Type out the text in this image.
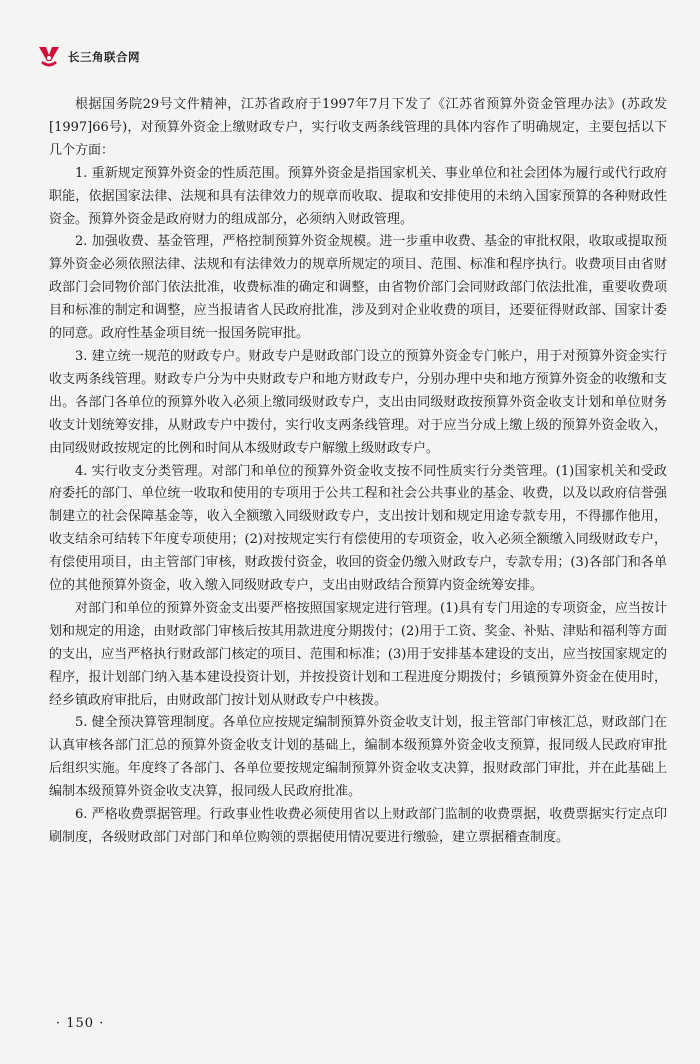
长三角联合网

根据国务院29号文件精神，江苏省政府于1997年7月下发了《江苏省预算外资金管理办法》(苏政发[1997]66号)，对预算外资金上缴财政专户，实行收支两条线管理的具体内容作了明确规定，主要包括以下几个方面：

1. 重新规定预算外资金的性质范围。预算外资金是指国家机关、事业单位和社会团体为履行或代行政府职能，依据国家法律、法规和具有法律效力的规章而收取、提取和安排使用的未纳入国家预算的各种财政性资金。预算外资金是政府财力的组成部分，必须纳入财政管理。

2. 加强收费、基金管理，严格控制预算外资金规模。进一步重申收费、基金的审批权限，收取或提取预算外资金必须依照法律、法规和有法律效力的规章所规定的项目、范围、标准和程序执行。收费项目由省财政部门会同物价部门依法批准，收费标准的确定和调整，由省物价部门会同财政部门依法批准，重要收费项目和标准的制定和调整，应当报请省人民政府批准，涉及到对企业收费的项目，还要征得财政部、国家计委的同意。政府性基金项目统一报国务院审批。

3. 建立统一规范的财政专户。财政专户是财政部门设立的预算外资金专门帐户，用于对预算外资金实行收支两条线管理。财政专户分为中央财政专户和地方财政专户，分别办理中央和地方预算外资金的收缴和支出。各部门各单位的预算外收入必须上缴同级财政专户，支出由同级财政按预算外资金收支计划和单位财务收支计划统筹安排，从财政专户中拨付，实行收支两条线管理。对于应当分成上缴上级的预算外资金收入，由同级财政按规定的比例和时间从本级财政专户解缴上级财政专户。

4. 实行收支分类管理。对部门和单位的预算外资金收支按不同性质实行分类管理。(1)国家机关和受政府委托的部门、单位统一收取和使用的专项用于公共工程和社会公共事业的基金、收费，以及以政府信誉强制建立的社会保障基金等，收入全额缴入同级财政专户，支出按计划和规定用途专款专用，不得挪作他用，收支结余可结转下年度专项使用；(2)对按规定实行有偿使用的专项资金，收入必须全额缴入同级财政专户，有偿使用项目，由主管部门审核，财政拨付资金，收回的资金仍缴入财政专户，专款专用；(3)各部门和各单位的其他预算外资金，收入缴入同级财政专户，支出由财政结合预算内资金统筹安排。

对部门和单位的预算外资金支出要严格按照国家规定进行管理。(1)具有专门用途的专项资金，应当按计划和规定的用途，由财政部门审核后按其用款进度分期拨付；(2)用于工资、奖金、补贴、津贴和福利等方面的支出，应当严格执行财政部门核定的项目、范围和标准；(3)用于安排基本建设的支出，应当按国家规定的程序，报计划部门纳入基本建设投资计划，并按投资计划和工程进度分期拨付；乡镇预算外资金在使用时，经乡镇政府审批后，由财政部门按计划从财政专户中核拨。

5. 健全预决算管理制度。各单位应按规定编制预算外资金收支计划，报主管部门审核汇总，财政部门在认真审核各部门汇总的预算外资金收支计划的基础上，编制本级预算外资金收支预算，报同级人民政府审批后组织实施。年度终了各部门、各单位要按规定编制预算外资金收支决算，报财政部门审批，并在此基础上编制本级预算外资金收支决算，报同级人民政府批准。

6. 严格收费票据管理。行政事业性收费必须使用省以上财政部门监制的收费票据，收费票据实行定点印刷制度，各级财政部门对部门和单位购领的票据使用情况要进行缴验，建立票据稽查制度。

· 150 ·
